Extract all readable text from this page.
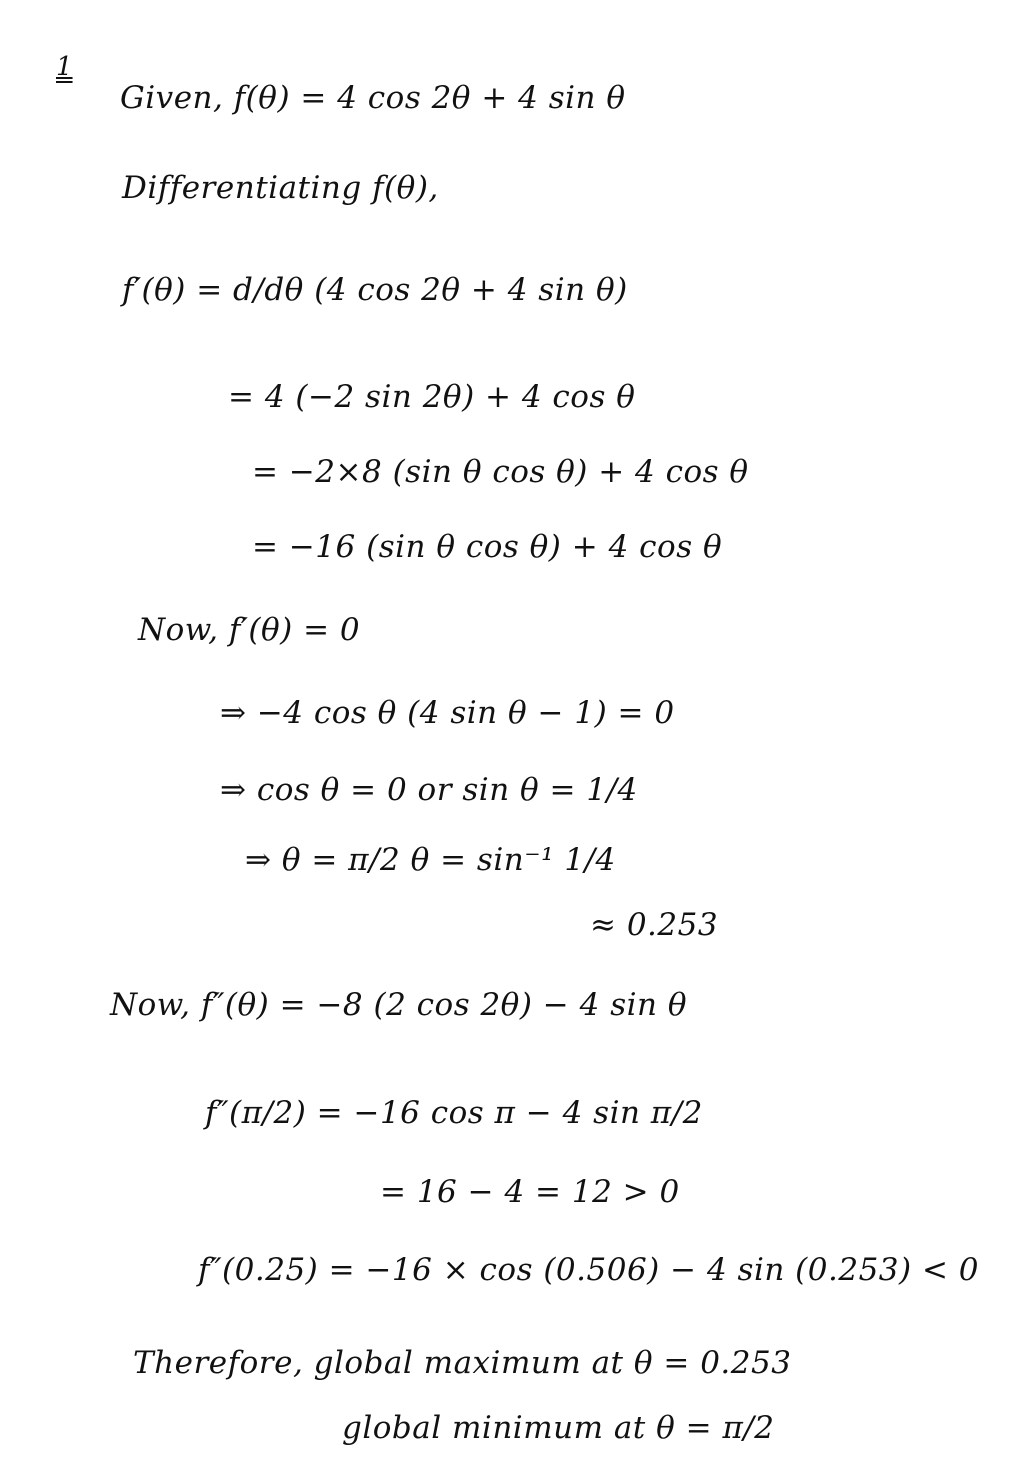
1
Given, f(θ) = 4 cos 2θ + 4 sin θ
Differentiating f(θ),
f′(θ) = d/dθ (4 cos 2θ + 4 sin θ)
= 4 (−2 sin 2θ) + 4 cos θ
= −2×8 (sin θ cos θ) + 4 cos θ
= −16 (sin θ cos θ) + 4 cos θ
Now, f′(θ) = 0
⇒ −4 cos θ (4 sin θ − 1) = 0
⇒ cos θ = 0 or sin θ = 1/4
⇒ θ = π/2 θ = sin⁻¹ 1/4
≈ 0.253
Now, f″(θ) = −8 (2 cos 2θ) − 4 sin θ
f″(π/2) = −16 cos π − 4 sin π/2
= 16 − 4 = 12 > 0
f″(0.25) = −16 × cos (0.506) − 4 sin (0.253) < 0
Therefore, global maximum at θ = 0.253
global minimum at θ = π/2
